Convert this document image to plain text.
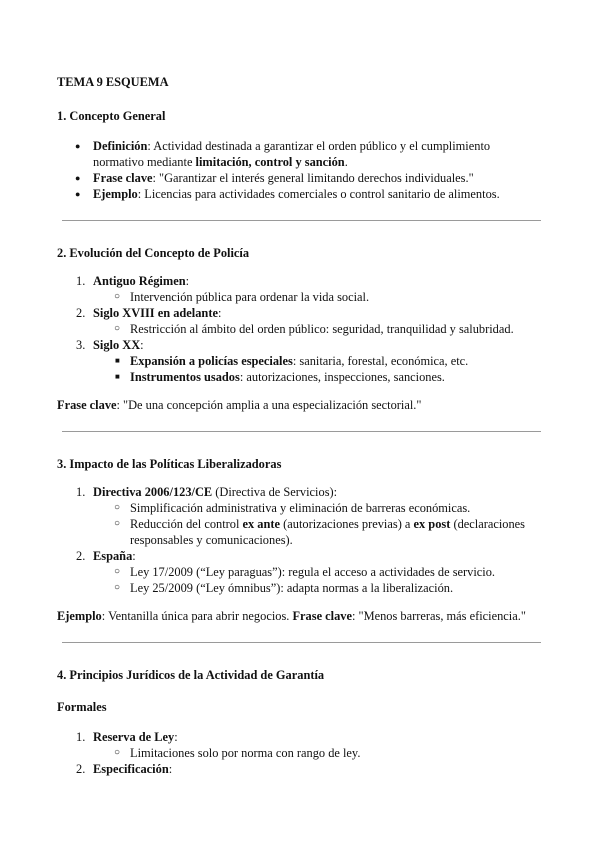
TEMA 9 ESQUEMA
1. Concepto General
● Definición: Actividad destinada a garantizar el orden público y el cumplimiento normativo mediante limitación, control y sanción.
● Frase clave: "Garantizar el interés general limitando derechos individuales."
● Ejemplo: Licencias para actividades comerciales o control sanitario de alimentos.
2. Evolución del Concepto de Policía
1. Antiguo Régimen:
○ Intervención pública para ordenar la vida social.
2. Siglo XVIII en adelante:
○ Restricción al ámbito del orden público: seguridad, tranquilidad y salubridad.
3. Siglo XX:
■ Expansión a policías especiales: sanitaria, forestal, económica, etc.
■ Instrumentos usados: autorizaciones, inspecciones, sanciones.

Frase clave: "De una concepción amplia a una especialización sectorial."

3. Impacto de las Políticas Liberalizadoras
1. Directiva 2006/123/CE (Directiva de Servicios):
○ Simplificación administrativa y eliminación de barreras económicas.
○ Reducción del control ex ante (autorizaciones previas) a ex post (declaraciones responsables y comunicaciones).
2. España:
○ Ley 17/2009 (“Ley paraguas”): regula el acceso a actividades de servicio.
○ Ley 25/2009 (“Ley ómnibus”): adapta normas a la liberalización.

Ejemplo: Ventanilla única para abrir negocios. Frase clave: "Menos barreras, más eficiencia."

4. Principios Jurídicos de la Actividad de Garantía
Formales
1. Reserva de Ley:
○ Limitaciones solo por norma con rango de ley.
2. Especificación:
